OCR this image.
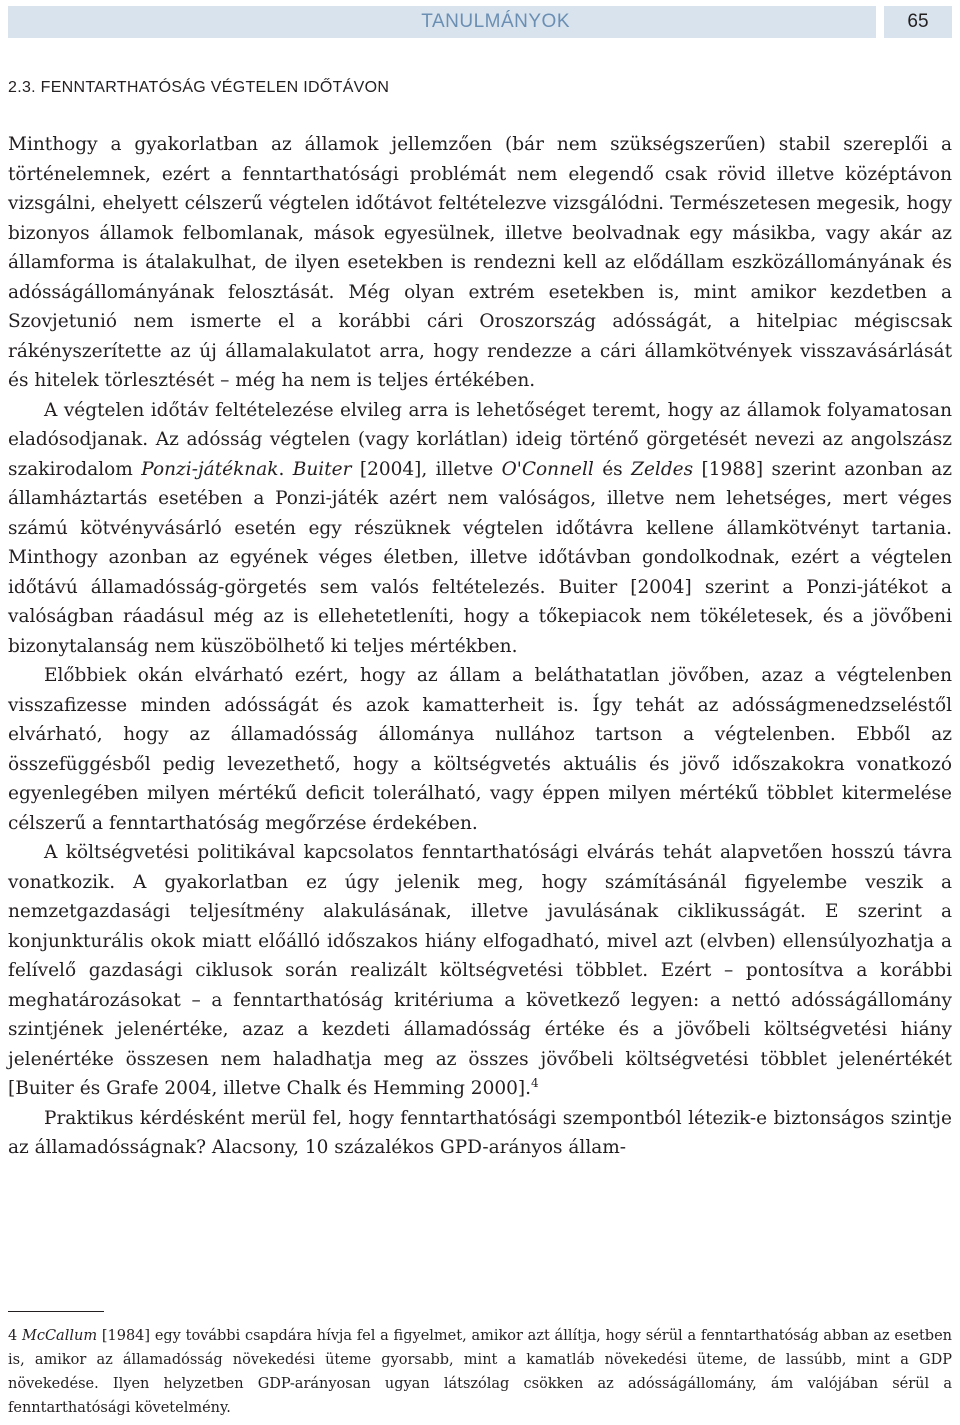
TANULMÁNYOK	65
2.3. FENNTARTHATÓSÁG VÉGTELEN IDŐTÁVON

Minthogy a gyakorlatban az államok jellemzően (bár nem szükségszerűen) stabil szereplői a történelemnek, ezért a fenntarthatósági problémát nem elegendő csak rövid illetve középtávon vizsgálni, ehelyett célszerű végtelen időtávot feltételezve vizsgálódni. Természetesen megesik, hogy bizonyos államok felbomlanak, mások egyesülnek, illetve beolvadnak egy másikba, vagy akár az államforma is átalakulhat, de ilyen esetekben is rendezni kell az elődállam eszközállományának és adósságállományának felosztását. Még olyan extrém esetekben is, mint amikor kezdetben a Szovjetunió nem ismerte el a korábbi cári Oroszország adósságát, a hitelpiac mégiscsak rákényszerítette az új államalakulatot arra, hogy rendezze a cári államkötvények visszavásárlását és hitelek törlesztését – még ha nem is teljes értékében.

A végtelen időtáv feltételezése elvileg arra is lehetőséget teremt, hogy az államok folyamatosan eladósodjanak. Az adósság végtelen (vagy korlátlan) ideig történő görgetését nevezi az angolszász szakirodalom Ponzi-játéknak. Buiter [2004], illetve O'Connell és Zeldes [1988] szerint azonban az államháztartás esetében a Ponzi-játék azért nem valóságos, illetve nem lehetséges, mert véges számú kötvényvásárló esetén egy részüknek végtelen időtávra kellene államkötvényt tartania. Minthogy azonban az egyének véges életben, illetve időtávban gondolkodnak, ezért a végtelen időtávú államadósság-görgetés sem valós feltételezés. Buiter [2004] szerint a Ponzi-játékot a valóságban ráadásul még az is ellehetetleníti, hogy a tőkepiacok nem tökéletesek, és a jövőbeni bizonytalanság nem küszöbölhető ki teljes mértékben.

Előbbiek okán elvárható ezért, hogy az állam a beláthatatlan jövőben, azaz a végtelenben visszafizesse minden adósságát és azok kamatterheit is. Így tehát az adósságmenedzseléstől elvárható, hogy az államadósság állománya nullához tartson a végtelenben. Ebből az összefüggésből pedig levezethető, hogy a költségvetés aktuális és jövő időszakokra vonatkozó egyenlegében milyen mértékű deficit tolerálható, vagy éppen milyen mértékű többlet kitermelése célszerű a fenntarthatóság megőrzése érdekében.

A költségvetési politikával kapcsolatos fenntarthatósági elvárás tehát alapvetően hosszú távra vonatkozik. A gyakorlatban ez úgy jelenik meg, hogy számításánál figyelembe veszik a nemzetgazdasági teljesítmény alakulásának, illetve javulásának ciklikusságát. E szerint a konjunkturális okok miatt előálló időszakos hiány elfogadható, mivel azt (elvben) ellensúlyozhatja a felívelő gazdasági ciklusok során realizált költségvetési többlet. Ezért – pontosítva a korábbi meghatározásokat – a fenntarthatóság kritériuma a következő legyen: a nettó adósságállomány szintjének jelenértéke, azaz a kezdeti államadósság értéke és a jövőbeli költségvetési hiány jelenértéke összesen nem haladhatja meg az összes jövőbeli költségvetési többlet jelenértékét [Buiter és Grafe 2004, illetve Chalk és Hemming 2000].$^4$

Praktikus kérdésként merül fel, hogy fenntarthatósági szempontból létezik-e biztonságos szintje az államadósságnak? Alacsony, 10 százalékos GPD-arányos állam-

4 McCallum [1984] egy további csapdára hívja fel a figyelmet, amikor azt állítja, hogy sérül a fenntarthatóság abban az esetben is, amikor az államadósság növekedési üteme gyorsabb, mint a kamatláb növekedési üteme, de lassúbb, mint a GDP növekedése. Ilyen helyzetben GDP-arányosan ugyan látszólag csökken az adósságállomány, ám valójában sérül a fenntarthatósági követelmény.
